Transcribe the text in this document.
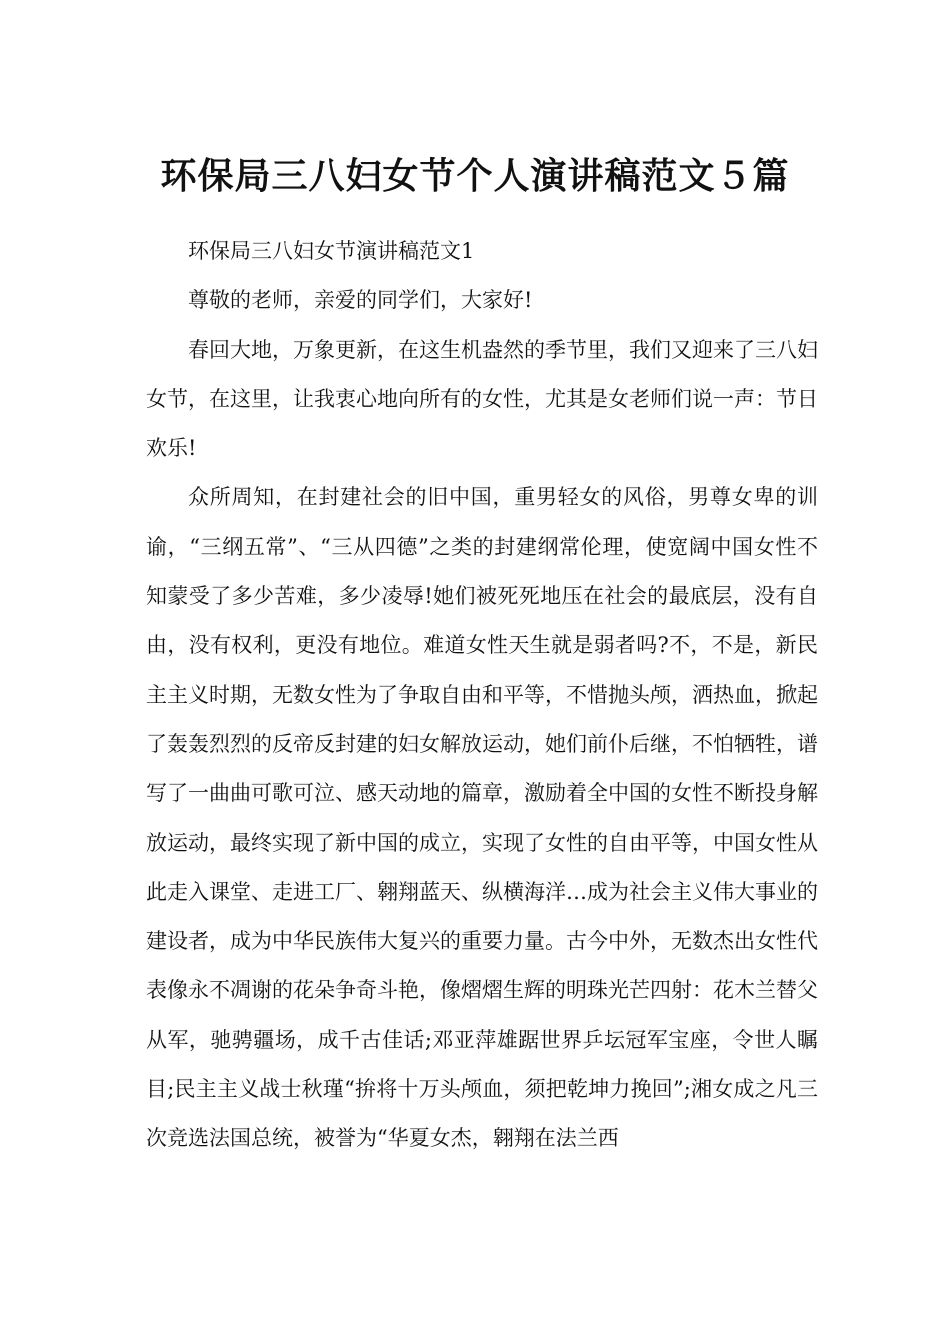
环保局三八妇女节个人演讲稿范文５篇

环保局三八妇女节演讲稿范文1

尊敬的老师，亲爱的同学们，大家好!

春回大地，万象更新，在这生机盎然的季节里，我们又迎来了三八妇女节，在这里，让我衷心地向所有的女性，尤其是女老师们说一声：节日欢乐!

众所周知，在封建社会的旧中国，重男轻女的风俗，男尊女卑的训谕，“三纲五常”、“三从四德”之类的封建纲常伦理，使宽阔中国女性不知蒙受了多少苦难，多少凌辱!她们被死死地压在社会的最底层，没有自由，没有权利，更没有地位。难道女性天生就是弱者吗?不，不是，新民主主义时期，无数女性为了争取自由和平等，不惜抛头颅，洒热血，掀起了轰轰烈烈的反帝反封建的妇女解放运动，她们前仆后继，不怕牺牲，谱写了一曲曲可歌可泣、感天动地的篇章，激励着全中国的女性不断投身解放运动，最终实现了新中国的成立，实现了女性的自由平等，中国女性从此走入课堂、走进工厂、翱翔蓝天、纵横海洋…成为社会主义伟大事业的建设者，成为中华民族伟大复兴的重要力量。古今中外，无数杰出女性代表像永不凋谢的花朵争奇斗艳，像熠熠生辉的明珠光芒四射：花木兰替父从军，驰骋疆场，成千古佳话;邓亚萍雄踞世界乒坛冠军宝座，令世人瞩目;民主主义战士秋瑾“拚将十万头颅血，须把乾坤力挽回”;湘女成之凡三次竞选法国总统，被誉为“华夏女杰，翱翔在法兰西
